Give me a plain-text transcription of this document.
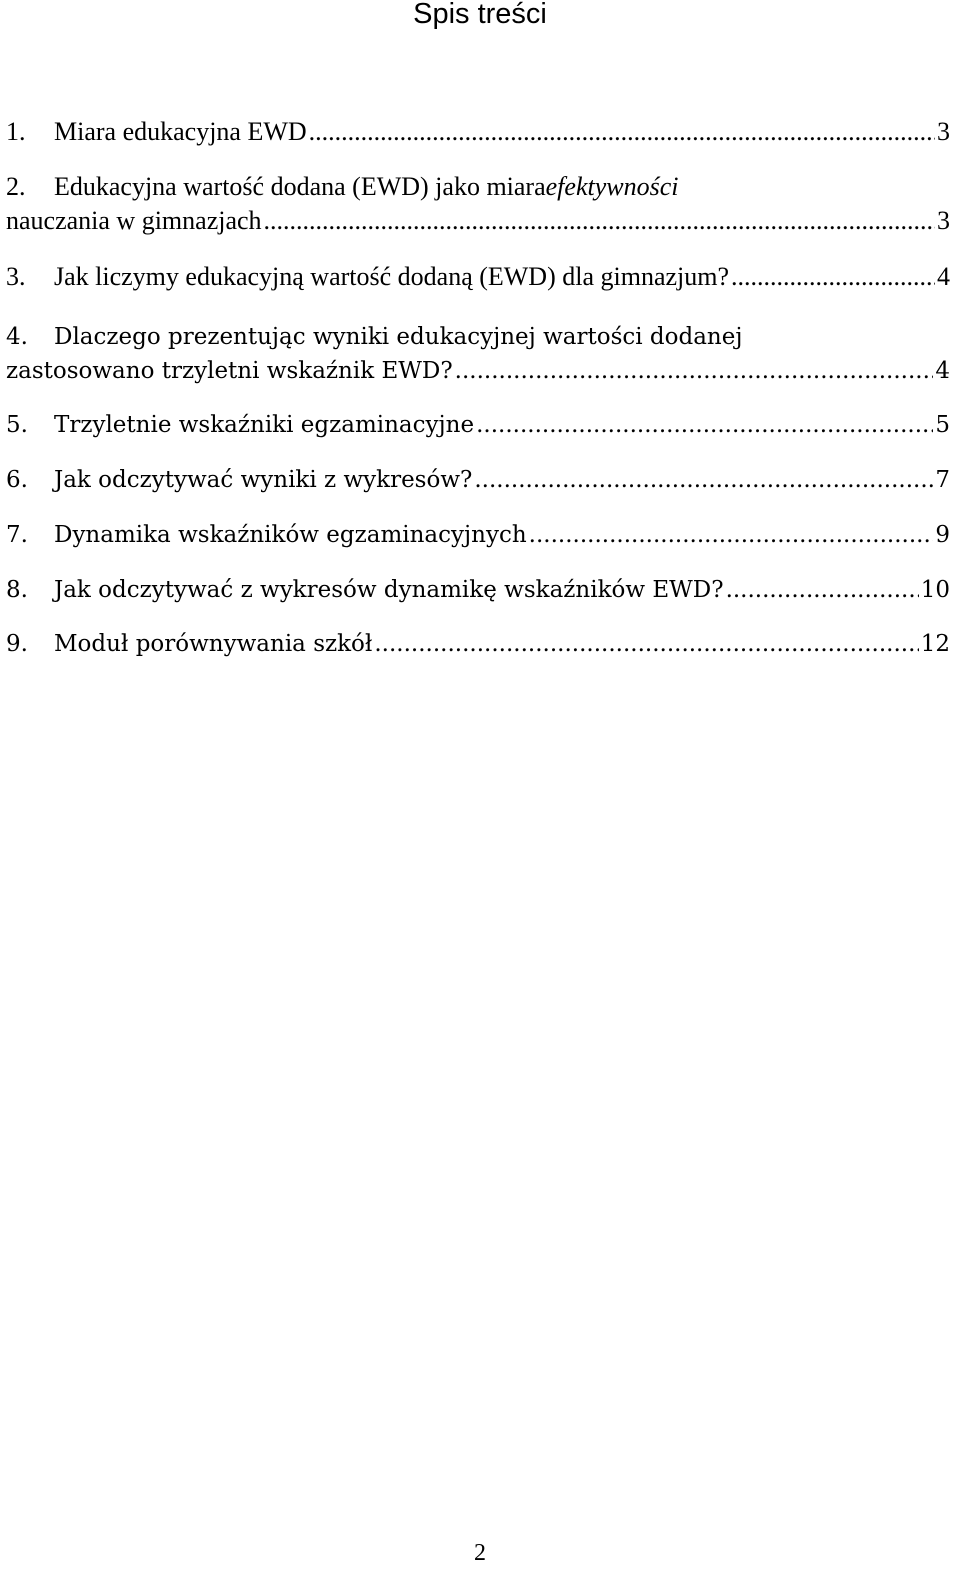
Spis treści
1.	Miara edukacyjna EWD .....	3
2.	Edukacyjna wartość dodana (EWD) jako miara efektywności
nauczania w gimnazjach .....	3
3.	Jak liczymy edukacyjną wartość dodaną (EWD) dla gimnazjum? .....	4
4.	Dlaczego prezentując wyniki edukacyjnej wartości dodanej
zastosowano trzyletni wskaźnik EWD? .....	4
5.	Trzyletnie wskaźniki egzaminacyjne .....	5
6.	Jak odczytywać wyniki z wykresów? .....	7
7.	Dynamika wskaźników egzaminacyjnych .....	9
8.	Jak odczytywać z wykresów dynamikę wskaźników EWD? .....	10
9.	Moduł porównywania szkół .....	12
2
